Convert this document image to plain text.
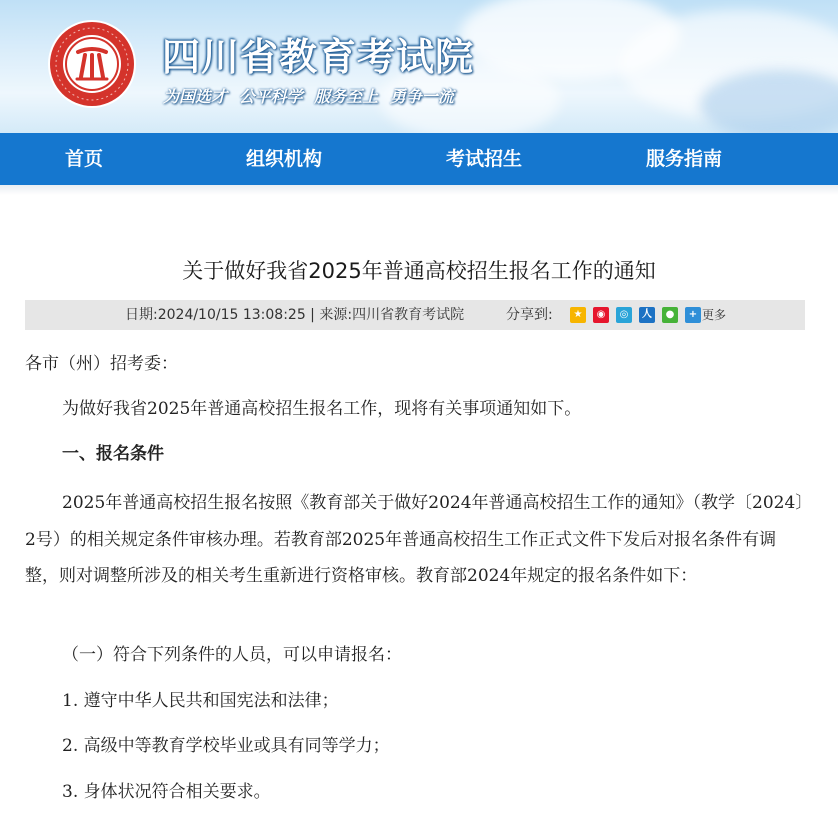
四川省教育考试院
为国选才 公平科学 服务至上 勇争一流
首页	组织机构	考试招生	服务指南
关于做好我省2025年普通高校招生报名工作的通知
日期:2024/10/15 13:08:25 | 来源:四川省教育考试院	分享到:	★	◉	◎	人	●	+ 更多
各市（州）招考委：
为做好我省2025年普通高校招生报名工作，现将有关事项通知如下。
一、报名条件
2025年普通高校招生报名按照《教育部关于做好2024年普通高校招生工作的通知》（教学〔2024〕2号）的相关规定条件审核办理。若教育部2025年普通高校招生工作正式文件下发后对报名条件有调整，则对调整所涉及的相关考生重新进行资格审核。教育部2024年规定的报名条件如下：
（一）符合下列条件的人员，可以申请报名：
1. 遵守中华人民共和国宪法和法律；
2. 高级中等教育学校毕业或具有同等学力；
3. 身体状况符合相关要求。
